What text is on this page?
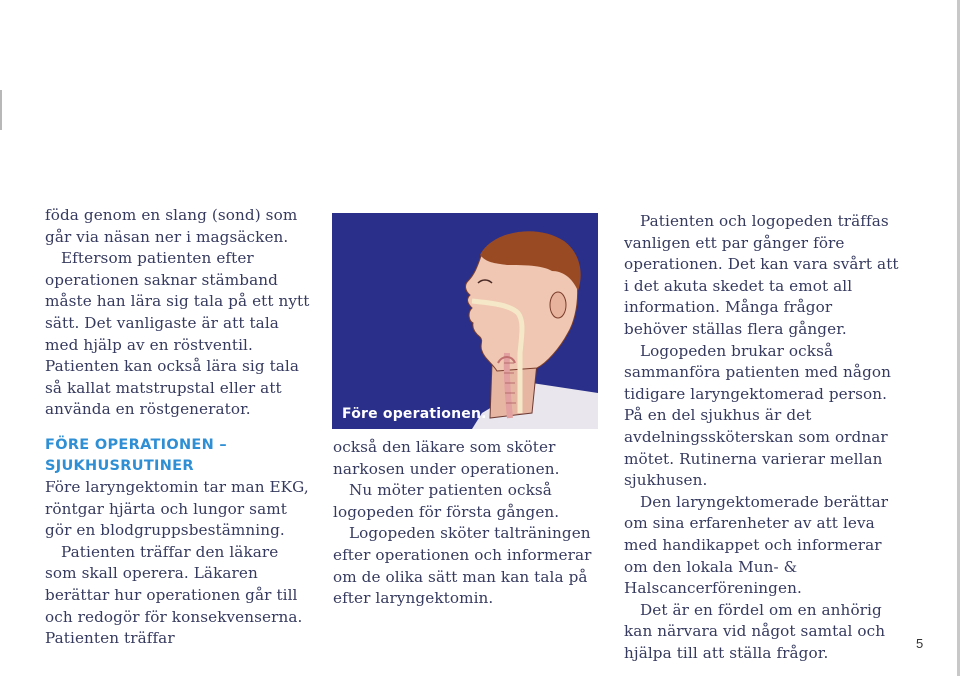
föda genom en slang (sond) som går via näsan ner i magsäcken.

Eftersom patienten efter operationen saknar stämband måste han lära sig tala på ett nytt sätt. Det vanligaste är att tala med hjälp av en röstventil. Patienten kan också lära sig tala så kallat matstrupstal eller att använda en röstgenerator.

FÖRE OPERATIONEN –
SJUKHUSRUTINER

Före laryngektomin tar man EKG, röntgar hjärta och lungor samt gör en blodgruppsbestämning.

Patienten träffar den läkare som skall operera. Läkaren berättar hur operationen går till och redogör för konsekvenserna. Patienten träffar

Före operationen.

också den läkare som sköter narkosen under operationen.

Nu möter patienten också logopeden för första gången.

Logopeden sköter talträningen efter operationen och informerar om de olika sätt man kan tala på efter laryngektomin.

Patienten och logopeden träffas vanligen ett par gånger före operationen. Det kan vara svårt att i det akuta skedet ta emot all information. Många frågor behöver ställas flera gånger.

Logopeden brukar också sammanföra patienten med någon tidigare laryngektomerad person. På en del sjukhus är det avdelningssköterskan som ordnar mötet. Rutinerna varierar mellan sjukhusen.

Den laryngektomerade berättar om sina erfarenheter av att leva med handikappet och informerar om den lokala Mun- & Halscancerföreningen.

Det är en fördel om en anhörig kan närvara vid något samtal och hjälpa till att ställa frågor.

5
